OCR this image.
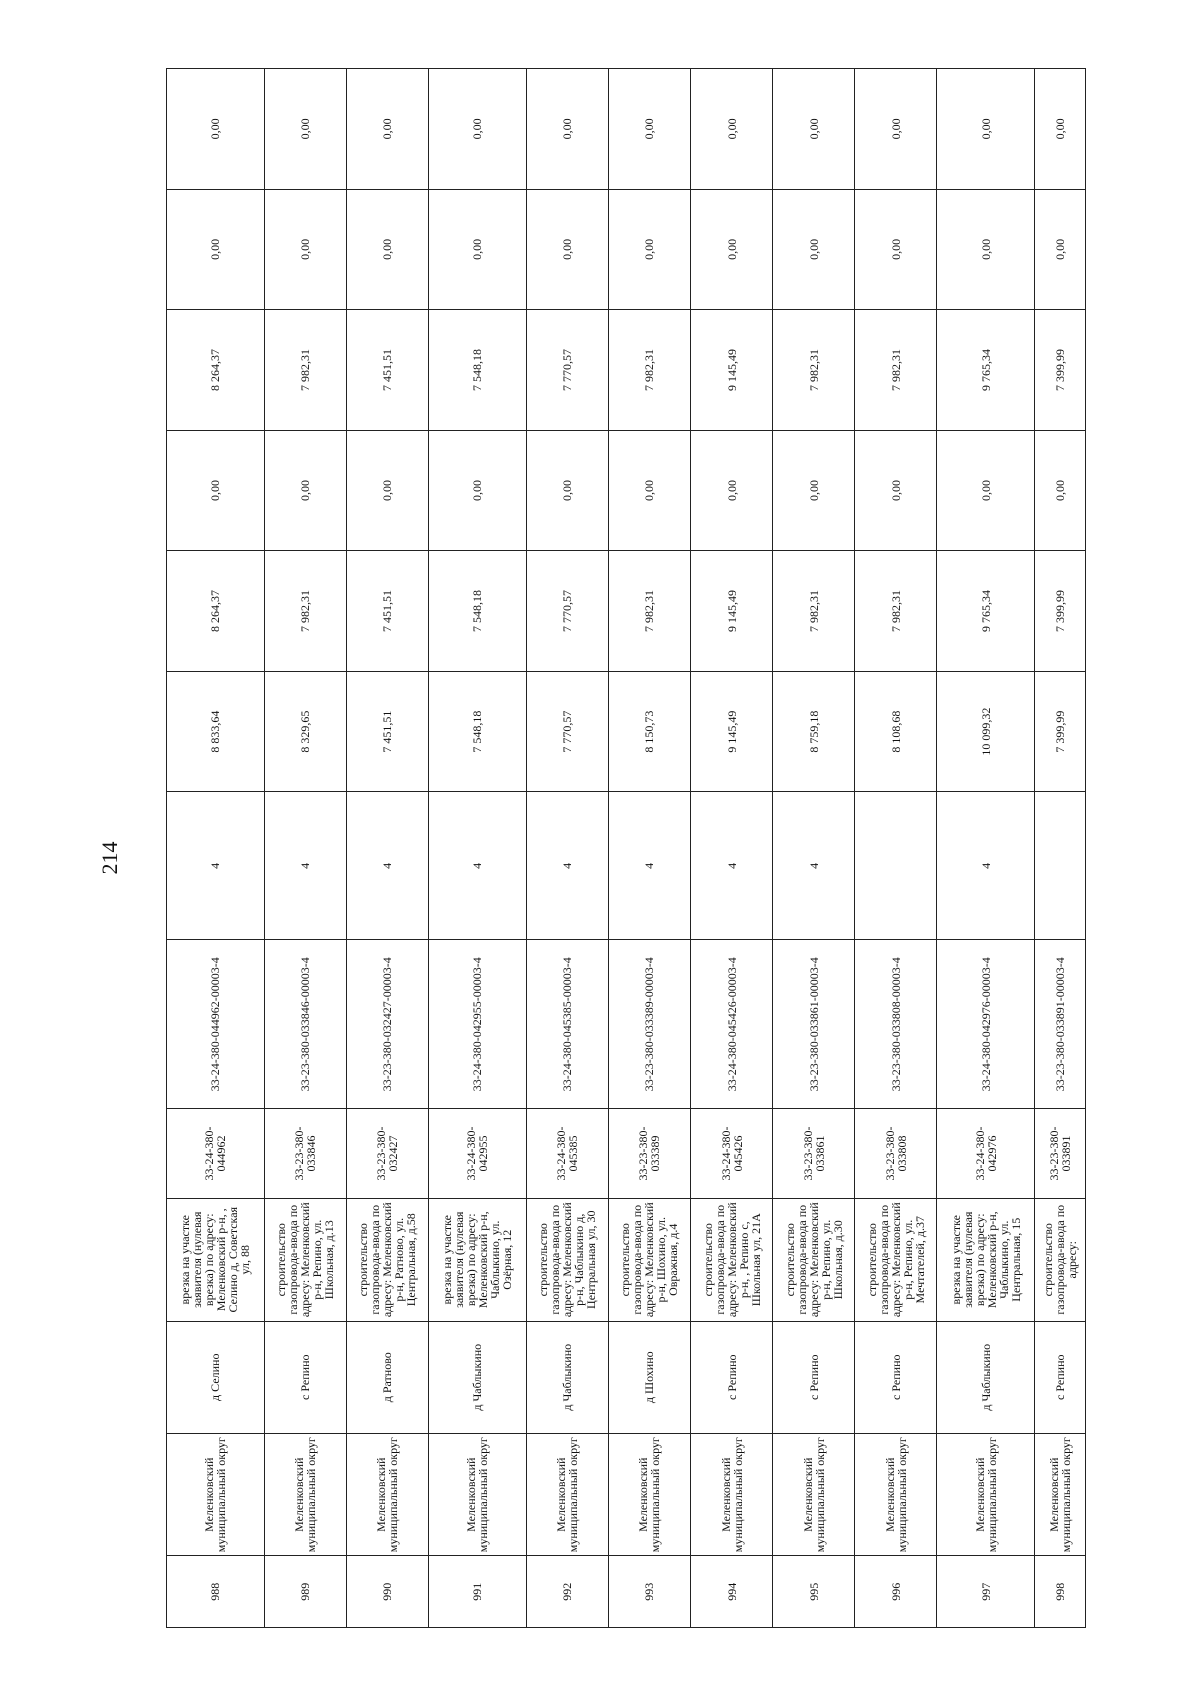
214
988	Меленковский муниципальный округ	д Селино	врезка на участке заявителя (нулевая врезка) по адресу: Меленковский р-н, , Селино д, Советская ул, 88	33-24-380-044962	33-24-380-044962-00003-4	4	8 833,64	8 264,37	0,00	8 264,37	0,00	0,00
989	Меленковский муниципальный округ	с Репино	строительство газопровода-ввода по адресу: Меленковский р-н, Репино, ул. Школьная, д.13	33-23-380-033846	33-23-380-033846-00003-4	4	8 329,65	7 982,31	0,00	7 982,31	0,00	0,00
990	Меленковский муниципальный округ	д Ратново	строительство газопровода-ввода по адресу: Меленковский р-н, Ратново, ул. Центральная, д.58	33-23-380-032427	33-23-380-032427-00003-4	4	7 451,51	7 451,51	0,00	7 451,51	0,00	0,00
991	Меленковский муниципальный округ	д Чаблыкино	врезка на участке заявителя (нулевая врезка) по адресу: Меленковский р-н, Чаблыкино, ул. Озёрная, 12	33-24-380-042955	33-24-380-042955-00003-4	4	7 548,18	7 548,18	0,00	7 548,18	0,00	0,00
992	Меленковский муниципальный округ	д Чаблыкино	строительство газопровода-ввода по адресу: Меленковский р-н, Чаблыкино д, Центральная ул, 30	33-24-380-045385	33-24-380-045385-00003-4	4	7 770,57	7 770,57	0,00	7 770,57	0,00	0,00
993	Меленковский муниципальный округ	д Шохино	строительство газопровода-ввода по адресу: Меленковский р-н, Шохино, ул. Овражная, д.4	33-23-380-033389	33-23-380-033389-00003-4	4	8 150,73	7 982,31	0,00	7 982,31	0,00	0,00
994	Меленковский муниципальный округ	с Репино	строительство газопровода-ввода по адресу: Меленковский р-н, , Репино с, Школьная ул, 21А	33-24-380-045426	33-24-380-045426-00003-4	4	9 145,49	9 145,49	0,00	9 145,49	0,00	0,00
995	Меленковский муниципальный округ	с Репино	строительство газопровода-ввода по адресу: Меленковский р-н, Репино, ул. Школьная, д.30	33-23-380-033861	33-23-380-033861-00003-4	4	8 759,18	7 982,31	0,00	7 982,31	0,00	0,00
996	Меленковский муниципальный округ	с Репино	строительство газопровода-ввода по адресу: Меленковский р-н, Репино, ул. Мечтателей, д.37	33-23-380-033808	33-23-380-033808-00003-4		8 108,68	7 982,31	0,00	7 982,31	0,00	0,00
997	Меленковский муниципальный округ	д Чаблыкино	врезка на участке заявителя (нулевая врезка) по адресу: Меленковский р-н, Чаблыкино, ул. Центральная, 15	33-24-380-042976	33-24-380-042976-00003-4	4	10 099,32	9 765,34	0,00	9 765,34	0,00	0,00
998	Меленковский муниципальный округ	с Репино	строительство газопровода-ввода по адресу:	33-23-380-033891	33-23-380-033891-00003-4		7 399,99	7 399,99	0,00	7 399,99	0,00	0,00
